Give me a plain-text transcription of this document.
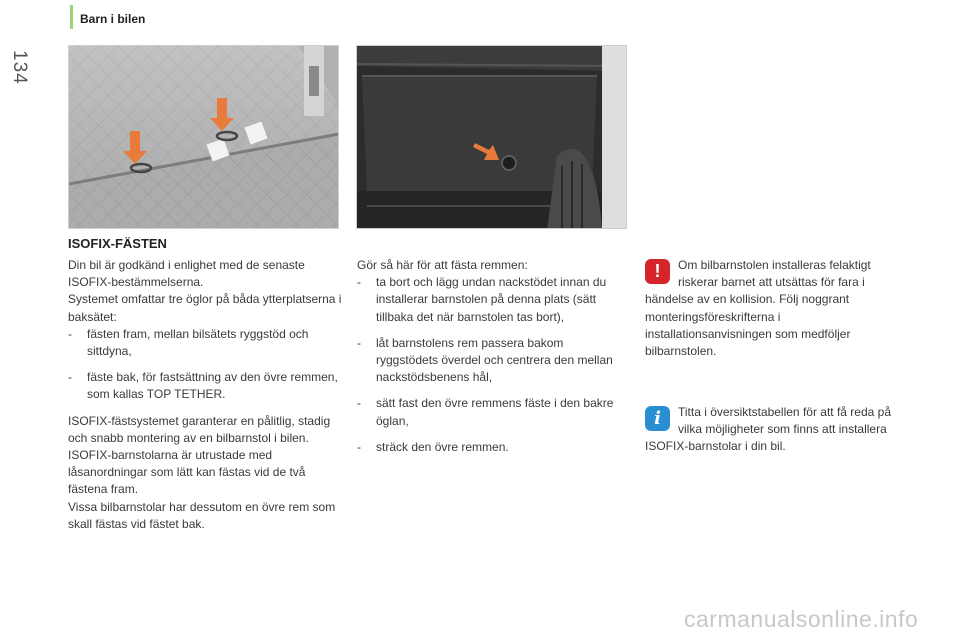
134
Barn i bilen
ISOFIX-FÄSTEN

Din bil är godkänd i enlighet med de senaste ISOFIX-bestämmelserna.

Systemet omfattar tre öglor på båda ytterplatserna i baksätet:

- fästen fram, mellan bilsätets ryggstöd och sittdyna,
- fäste bak, för fastsättning av den övre remmen, som kallas TOP TETHER.

ISOFIX-fästsystemet garanterar en pålitlig, stadig och snabb montering av en bilbarnstol i bilen.

ISOFIX-barnstolarna är utrustade med låsanordningar som lätt kan fästas vid de två fästena fram.

Vissa bilbarnstolar har dessutom en övre rem som skall fästas vid fästet bak.

Gör så här för att fästa remmen:

- ta bort och lägg undan nackstödet innan du installerar barnstolen på denna plats (sätt tillbaka det när barnstolen tas bort),
- låt barnstolens rem passera bakom ryggstödets överdel och centrera den mellan nackstödsbenens hål,
- sätt fast den övre remmens fäste i den bakre öglan,
- sträck den övre remmen.
!	Om bilbarnstolen installeras felaktigt riskerar barnet att utsättas för fara i händelse av en kollision. Följ noggrant monteringsföreskrifterna i installationsanvisningen som medföljer bilbarnstolen.
i	Titta i översiktstabellen för att få reda på vilka möjligheter som finns att installera ISOFIX-barnstolar i din bil.
carmanualsonline.info
